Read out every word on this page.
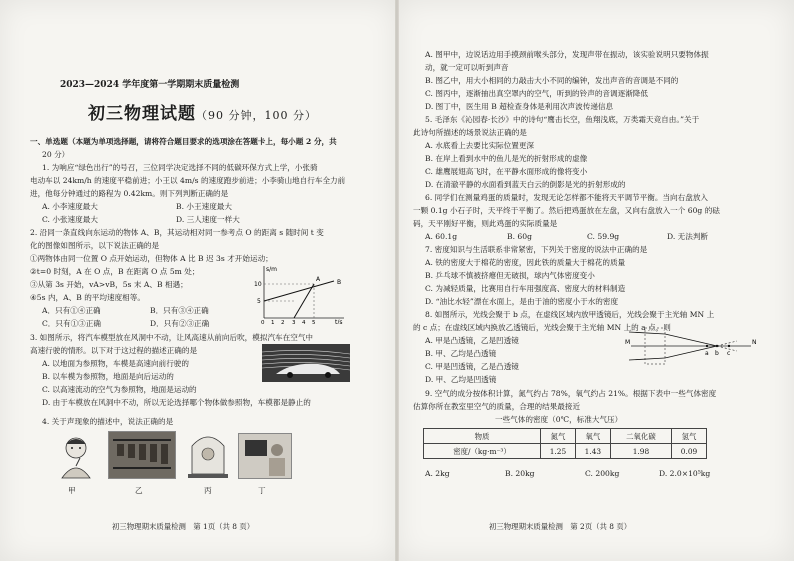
2023—2024 学年度第一学期期末质量检测
初三物理试题（90 分钟，100 分）
一、单选题（本题为单项选择题，请将符合题目要求的选项涂在答题卡上，每小题 2 分，共
20 分）
1. 为响应“绿色出行”的号召，三位同学决定选择不同的低碳环保方式上学，小张骑
电动车以 24km/h 的速度平稳前进；小王以 4m/s 的速度跑步前进；小李骑山地自行车全力前
进，他每分钟通过的路程为 0.42km。则下列判断正确的是
A. 小李速度最大	B. 小王速度最大
C. 小张速度最大	D. 三人速度一样大
2. 沿同一条直线向东运动的物体 A、B，其运动相对同一参考点 O 的距离 s 随时间 t 变
化的图像如图所示，以下说法正确的是
①两物体由同一位置 O 点开始运动，但物体 A 比 B 迟 3s 才开始运动；
②t=0 时刻，A 在 O 点，B 在距离 O 点 5m 处；
③从第 3s 开始，vA>vB，5s 末 A、B 相遇；
④5s 内，A、B 的平均速度相等。
A．只有①④正确	B．只有③④正确
C．只有①③正确	D．只有②③正确
s/m
t/s
10
5
0 1 2 3 4 5
A	B
3. 如图所示，将汽车模型放在风洞中不动，让风高速从前向后吹，模拟汽车在空气中
高速行驶的情形。以下对于这过程的描述正确的是
A. 以地面为参照物，车模是高速向前行驶的
B. 以车模为参照物，地面是向后运动的
C. 以高速流动的空气为参照物，地面是运动的
D. 由于车模放在风洞中不动，所以无论选择哪个物体做参照物，车模都是静止的
4. 关于声现象的描述中，说法正确的是
甲	乙	丙	丁
初三物理期末质量检测　第 1页（共 8 页）
A. 图甲中，边说话边用手摸颈前喉头部分，发现声带在振动，该实验说明只要物体振
动，就一定可以听到声音
B. 图乙中，用大小相同的力敲击大小不同的编钟，发出声音的音调是不同的
C. 图丙中，逐渐抽出真空罩内的空气，听到的铃声的音调逐渐降低
D. 图丁中，医生用 B 超检查身体是利用次声波传递信息
5. 毛泽东《沁园春·长沙》中的诗句“鹰击长空，鱼翔浅底，万类霜天竞自由。”关于
此诗句所描述的场景说法正确的是
A. 水底看上去要比实际位置更深
B. 在岸上看到水中的鱼儿是光的折射形成的虚像
C. 雄鹰展翅高飞时，在平静水面形成的像将变小
D. 在清澈平静的水面看到蓝天白云的倒影是光的折射形成的
6. 同学们在测量鸡蛋的质量时，发现无论怎样都不能将天平调节平衡。当向右盘放入
一颗 0.1g 小石子时，天平终于平衡了。然后把鸡蛋放在左盘，又向右盘放入一个 60g 的砝
码，天平刚好平衡，则此鸡蛋的实际质量是
A. 60.1g	B. 60g	C. 59.9g	D. 无法判断
7. 密度知识与生活联系非常紧密，下列关于密度的说法中正确的是
A. 铁的密度大于棉花的密度，因此铁的质量大于棉花的质量
B. 乒乓球不慎被挤瘪但无破损，球内气体密度变小
C. 为减轻质量，比赛用自行车用强度高、密度大的材料制造
D. “油比水轻”漂在水面上，是由于油的密度小于水的密度
8. 如图所示，光线会聚于 b 点，在虚线区域内放甲透镜后，光线会聚于主光轴 MN 上
的 c 点；在虚线区域内换放乙透镜后，光线会聚于主光轴 MN 上的 a 点，则
A. 甲是凸透镜，乙是凹透镜
B. 甲、乙均是凸透镜
C. 甲是凹透镜，乙是凸透镜
D. 甲、乙均是凹透镜
M	N
a b c
9. 空气的成分按体积计算，氮气约占 78%，氧气约占 21%。根据下表中一些气体密度
估算你所在教室里空气的质量，合理的结果最接近
一些气体的密度（0℃，标准大气压）
物质	氮气	氧气	二氧化碳	氢气
密度/（kg·m⁻³）	1.25	1.43	1.98	0.09
A. 2kg	B. 20kg	C. 200kg	D. 2.0×10⁵kg
初三物理期末质量检测　第 2页（共 8 页）
